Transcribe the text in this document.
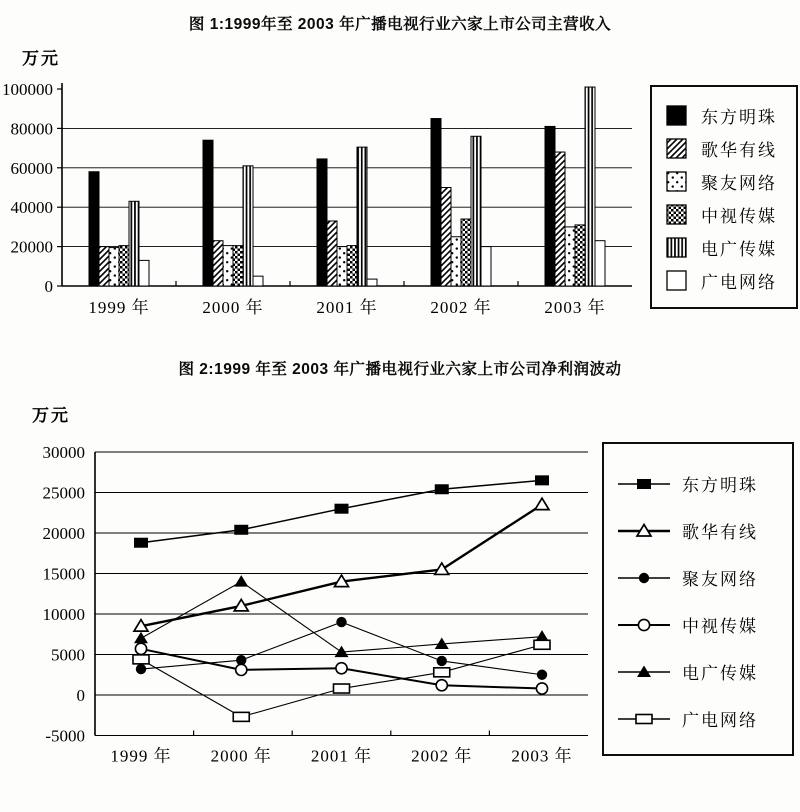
图 1:1999年至 2003 年广播电视行业六家上市公司主营收入
万元
0
20000
40000
60000
80000
100000
1999 年	2000 年	2001 年	2002 年	2003 年
东方明珠
歌华有线
聚友网络
中视传媒
电广传媒
广电网络
图 2:1999 年至 2003 年广播电视行业六家上市公司净利润波动
万元
30000
25000
20000
15000
10000
5000
0
-5000
1999 年 2000 年 2001 年 2002 年 2003 年
东方明珠
歌华有线
聚友网络
中视传媒
电广传媒
广电网络
